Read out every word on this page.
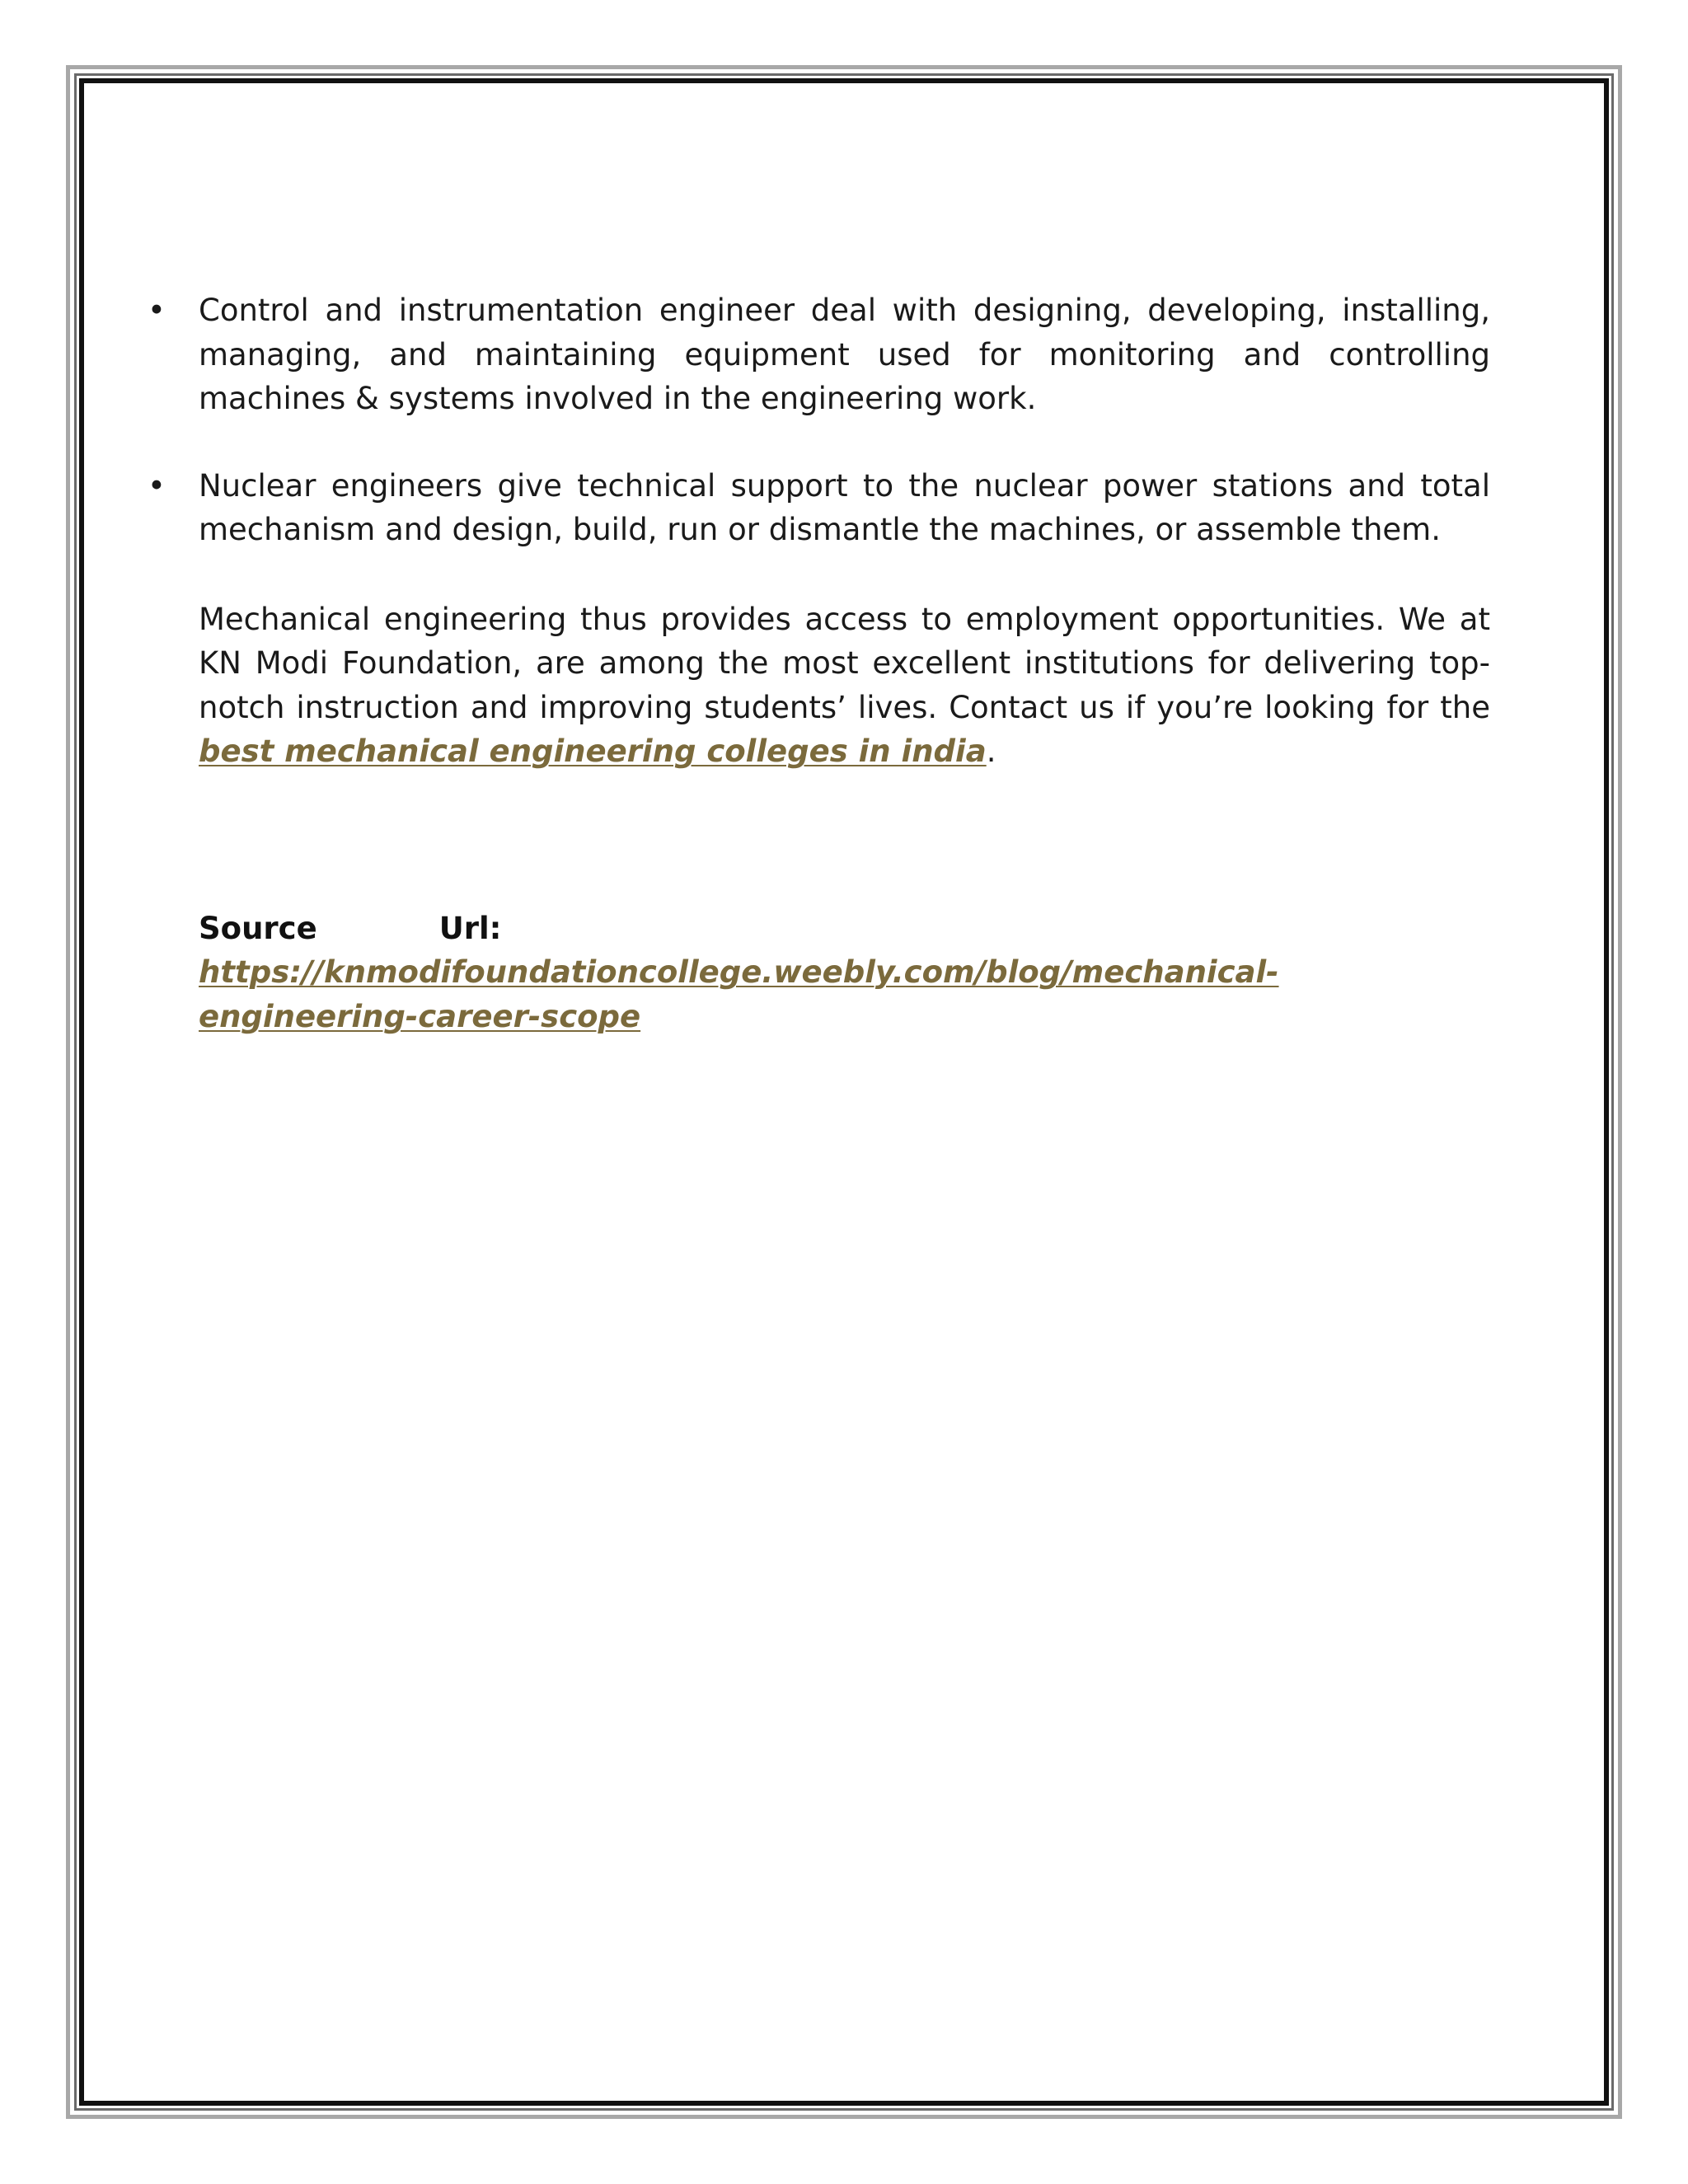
• Control and instrumentation engineer deal with designing, developing, installing, managing, and maintaining equipment used for monitoring and controlling machines & systems involved in the engineering work.

• Nuclear engineers give technical support to the nuclear power stations and total mechanism and design, build, run or dismantle the machines, or assemble them.

Mechanical engineering thus provides access to employment opportunities. We at KN Modi Foundation, are among the most excellent institutions for delivering top-notch instruction and improving students’ lives. Contact us if you’re looking for the best mechanical engineering colleges in india.

Source	Url: https://knmodifoundationcollege.weebly.com/blog/mechanical-engineering-career-scope
